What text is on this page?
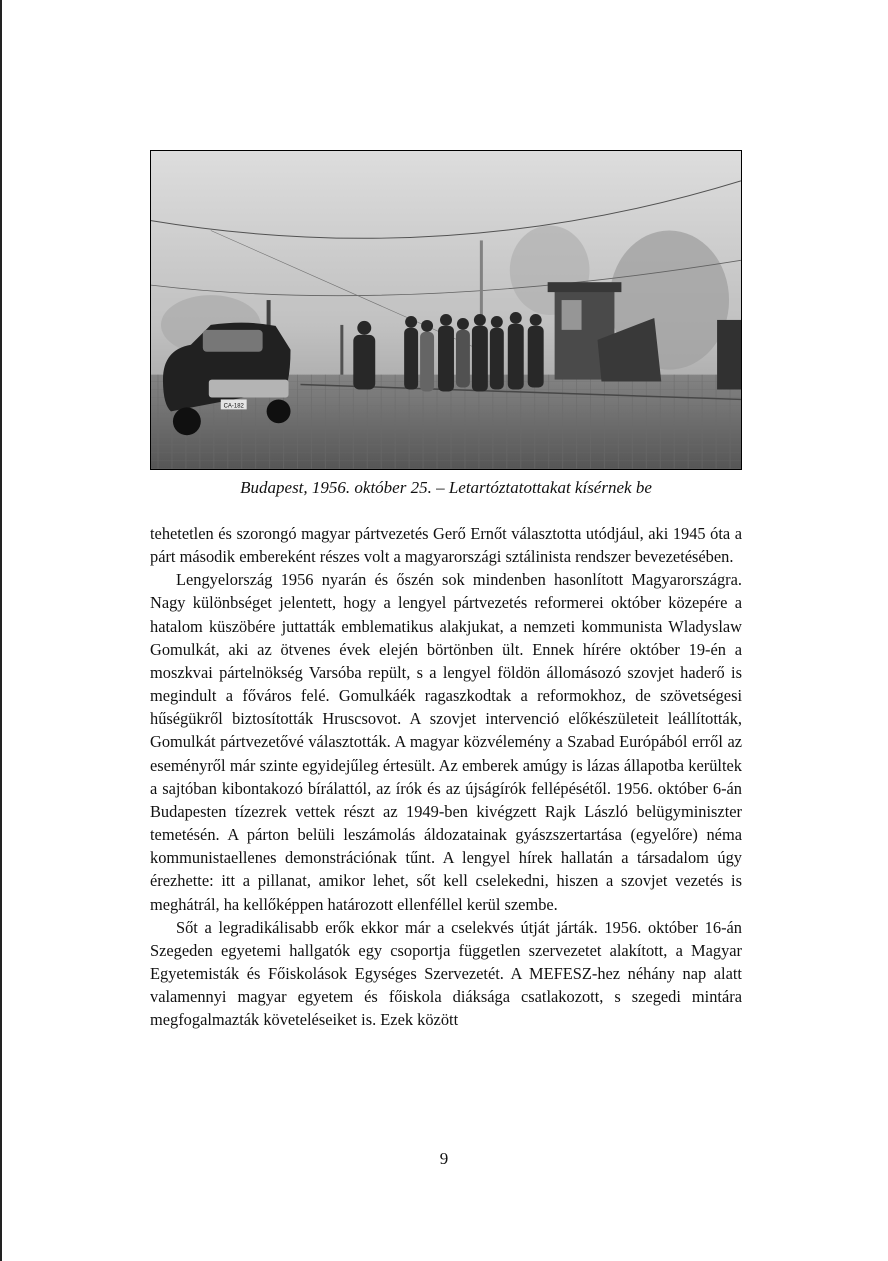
CA-182
Budapest, 1956. október 25. – Letartóztatottakat kísérnek be

tehetetlen és szorongó magyar pártvezetés Gerő Ernőt választotta utódjául, aki 1945 óta a párt második embereként részes volt a magyarországi sztálinista rendszer bevezetésében.

Lengyelország 1956 nyarán és őszén sok mindenben hasonlított Magyarországra. Nagy különbséget jelentett, hogy a lengyel pártvezetés reformerei október közepére a hatalom küszöbére juttatták emblematikus alakjukat, a nemzeti kommunista Wladyslaw Gomulkát, aki az ötvenes évek elején börtönben ült. Ennek hírére október 19-én a moszkvai pártelnökség Varsóba repült, s a lengyel földön állomásozó szovjet haderő is megindult a főváros felé. Gomulkáék ragaszkodtak a reformokhoz, de szövetségesi hűségükről biztosították Hruscsovot. A szovjet intervenció előkészületeit leállították, Gomulkát pártvezetővé választották. A magyar közvélemény a Szabad Európából erről az eseményről már szinte egyidejűleg értesült. Az emberek amúgy is lázas állapotba kerültek a sajtóban kibontakozó bírálattól, az írók és az újságírók fellépésétől. 1956. október 6-án Budapesten tízezrek vettek részt az 1949-ben kivégzett Rajk László belügyminiszter temetésén. A párton belüli leszámolás áldozatainak gyászszertartása (egyelőre) néma kommunistaellenes demonstrációnak tűnt. A lengyel hírek hallatán a társadalom úgy érezhette: itt a pillanat, amikor lehet, sőt kell cselekedni, hiszen a szovjet vezetés is meghátrál, ha kellőképpen határozott ellenféllel kerül szembe.

Sőt a legradikálisabb erők ekkor már a cselekvés útját járták. 1956. október 16-án Szegeden egyetemi hallgatók egy csoportja független szervezetet alakított, a Magyar Egyetemisták és Főiskolások Egységes Szervezetét. A MEFESZ-hez néhány nap alatt valamennyi magyar egyetem és főiskola diáksága csatlakozott, s szegedi mintára megfogalmazták követeléseiket is. Ezek között

9
